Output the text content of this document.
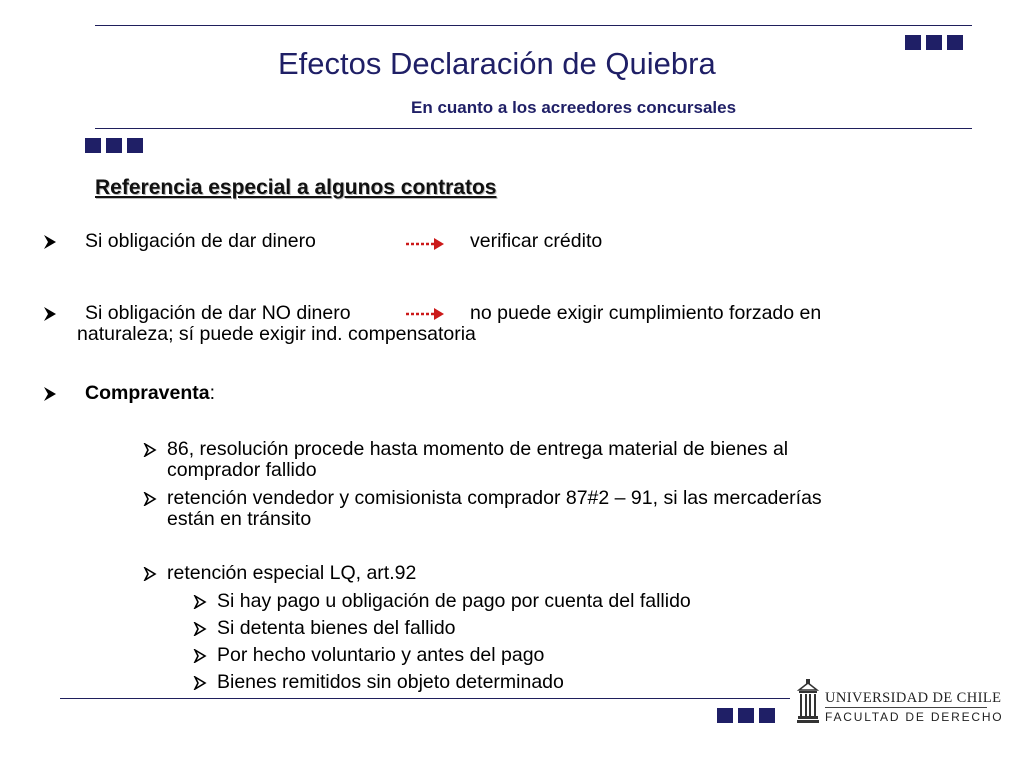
Efectos Declaración de Quiebra
En cuanto a los acreedores concursales
Referencia especial a algunos contratos
Si obligación de dar dinero	verificar crédito
Si obligación de dar NO dinero	no puede exigir cumplimiento forzado en
naturaleza; sí puede exigir ind. compensatoria
Compraventa:
86, resolución procede hasta momento de entrega material de bienes al
comprador fallido
retención vendedor y comisionista comprador 87#2 – 91, si las mercaderías
están en tránsito
retención especial LQ, art.92
Si hay pago u obligación de pago por cuenta del fallido
Si detenta bienes del fallido
Por hecho voluntario y antes del pago
Bienes remitidos sin objeto determinado
UNIVERSIDAD DE CHILE
FACULTAD DE DERECHO
